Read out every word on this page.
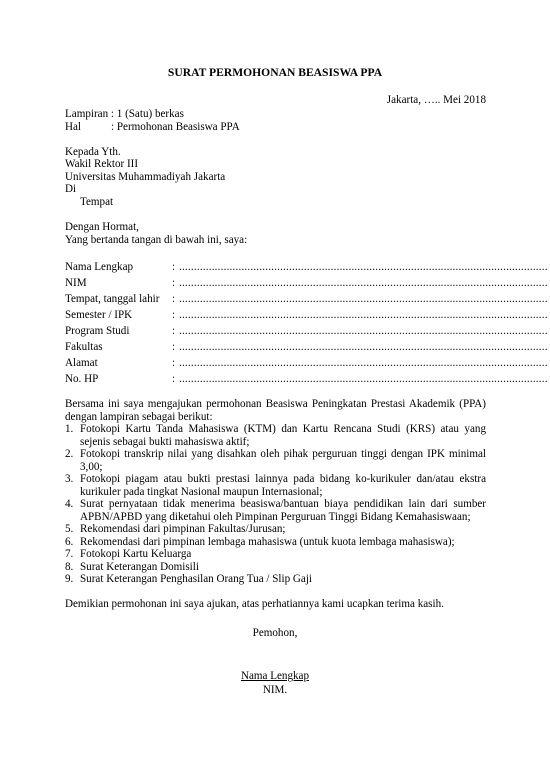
SURAT PERMOHONAN BEASISWA PPA
Jakarta, ….. Mei 2018
Lampiran : 1 (Satu) berkas
Hal	: Permohonan Beasiswa PPA
Kepada Yth.
Wakil Rektor III
Universitas Muhammadiyah Jakarta
Di
Tempat
Dengan Hormat,
Yang bertanda tangan di bawah ini, saya:
Nama Lengkap	: ............................................................................................................................
NIM	: ............................................................................................................................
Tempat, tanggal lahir : ............................................................................................................................
Semester / IPK	: ............................................................................................................................
Program Studi	: ............................................................................................................................
Fakultas	: ............................................................................................................................
Alamat	: ............................................................................................................................
No. HP	: ............................................................................................................................
Bersama ini saya mengajukan permohonan Beasiswa Peningkatan Prestasi Akademik (PPA)
dengan lampiran sebagai berikut:
1. Fotokopi Kartu Tanda Mahasiswa (KTM) dan Kartu Rencana Studi (KRS) atau yang
sejenis sebagai bukti mahasiswa aktif;
2. Fotokopi transkrip nilai yang disahkan oleh pihak perguruan tinggi dengan IPK minimal
3,00;
3. Fotokopi piagam atau bukti prestasi lainnya pada bidang ko-kurikuler dan/atau ekstra
kurikuler pada tingkat Nasional maupun Internasional;
4. Surat pernyataan tidak menerima beasiswa/bantuan biaya pendidikan lain dari sumber
APBN/APBD yang diketahui oleh Pimpinan Perguruan Tinggi Bidang Kemahasiswaan;
5. Rekomendasi dari pimpinan Fakultas/Jurusan;
6. Rekomendasi dari pimpinan lembaga mahasiswa (untuk kuota lembaga mahasiswa);
7. Fotokopi Kartu Keluarga
8. Surat Keterangan Domisili
9. Surat Keterangan Penghasilan Orang Tua / Slip Gaji
Demikian permohonan ini saya ajukan, atas perhatiannya kami ucapkan terima kasih.
Pemohon,
Nama Lengkap
NIM.
